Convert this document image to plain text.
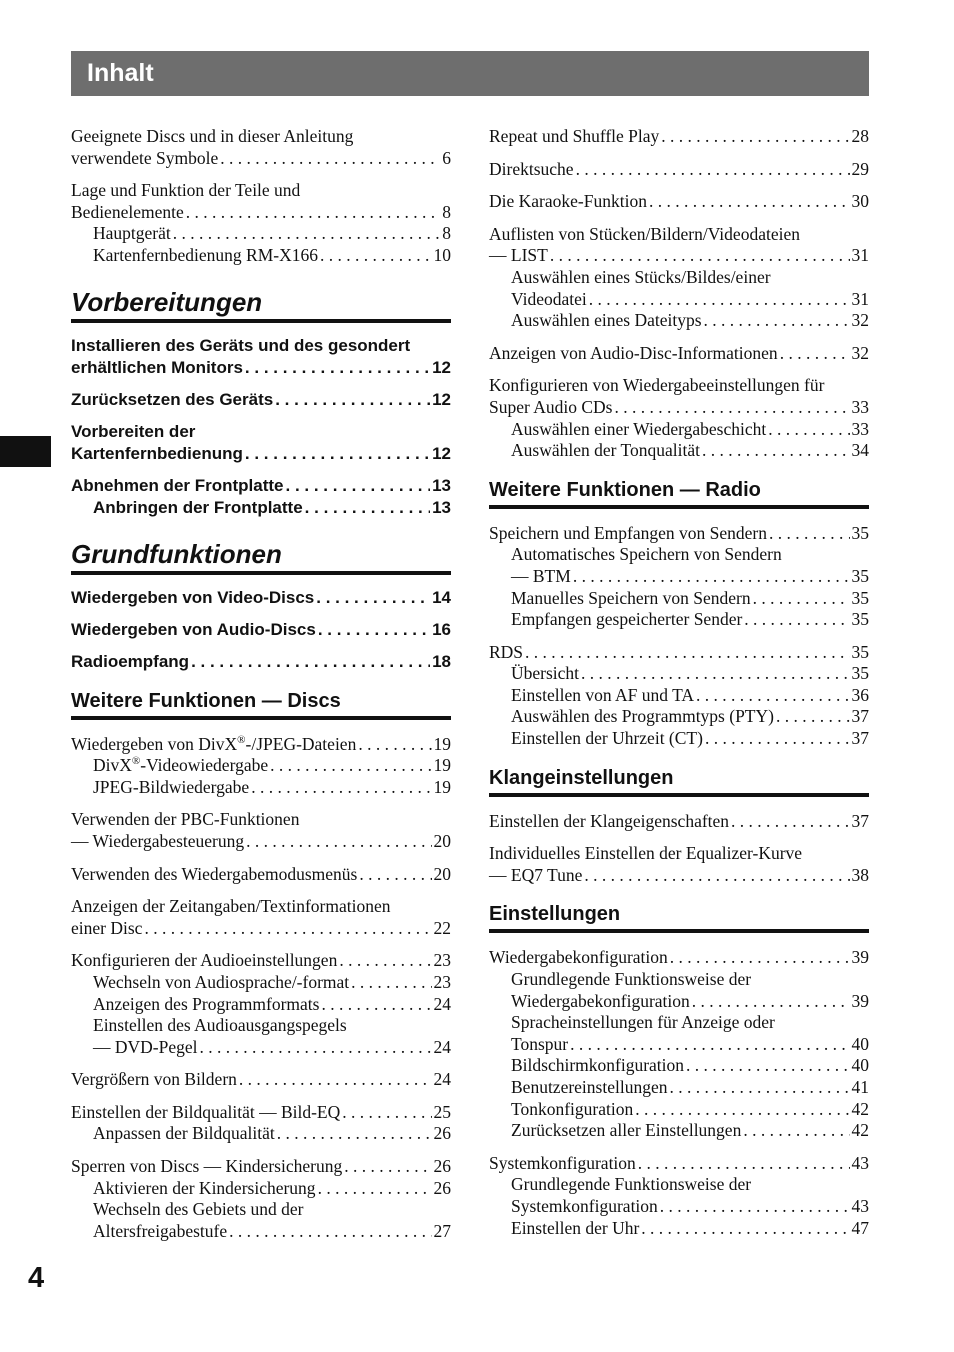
Inhalt
4
Geeignete Discs und in dieser Anleitung
verwendete Symbole . . .	6
Lage und Funktion der Teile und
Bedienelemente . . .	8
Hauptgerät . . .	8
Kartenfernbedienung RM-X166 . . .	10
Vorbereitungen
Installieren des Geräts und des gesondert
erhältlichen Monitors . . .	12
Zurücksetzen des Geräts . . .	12
Vorbereiten der
Kartenfernbedienung . . .	12
Abnehmen der Frontplatte . . .	13
Anbringen der Frontplatte . . .	13
Grundfunktionen
Wiedergeben von Video-Discs . . .	14
Wiedergeben von Audio-Discs . . .	16
Radioempfang . . .	18
Weitere Funktionen — Discs
Wiedergeben von DivX®-/JPEG-Dateien . . .	19
DivX®-Videowiedergabe . . .	19
JPEG-Bildwiedergabe . . .	19
Verwenden der PBC-Funktionen
— Wiedergabesteuerung . . .	20
Verwenden des Wiedergabemodusmenüs . . .	20
Anzeigen der Zeitangaben/Textinformationen
einer Disc . . .	22
Konfigurieren der Audioeinstellungen . . .	23
Wechseln von Audiosprache/-format . . .	23
Anzeigen des Programmformats . . .	24
Einstellen des Audioausgangspegels
— DVD-Pegel . . .	24
Vergrößern von Bildern . . .	24
Einstellen der Bildqualität — Bild-EQ . . .	25
Anpassen der Bildqualität . . .	26
Sperren von Discs — Kindersicherung . . .	26
Aktivieren der Kindersicherung . . .	26
Wechseln des Gebiets und der
Altersfreigabestufe . . .	27
Repeat und Shuffle Play . . .	28
Direktsuche . . .	29
Die Karaoke-Funktion . . .	30
Auflisten von Stücken/Bildern/Videodateien
— LIST . . .	31
Auswählen eines Stücks/Bildes/einer
Videodatei . . .	31
Auswählen eines Dateityps . . .	32
Anzeigen von Audio-Disc-Informationen . . .	32
Konfigurieren von Wiedergabeeinstellungen für
Super Audio CDs . . .	33
Auswählen einer Wiedergabeschicht . . .	33
Auswählen der Tonqualität . . .	34
Weitere Funktionen — Radio
Speichern und Empfangen von Sendern . . .	35
Automatisches Speichern von Sendern
— BTM . . .	35
Manuelles Speichern von Sendern . . .	35
Empfangen gespeicherter Sender . . .	35
RDS . . .	35
Übersicht . . .	35
Einstellen von AF und TA . . .	36
Auswählen des Programmtyps (PTY) . . .	37
Einstellen der Uhrzeit (CT) . . .	37
Klangeinstellungen
Einstellen der Klangeigenschaften . . .	37
Individuelles Einstellen der Equalizer-Kurve
— EQ7 Tune . . .	38
Einstellungen
Wiedergabekonfiguration . . .	39
Grundlegende Funktionsweise der
Wiedergabekonfiguration . . .	39
Spracheinstellungen für Anzeige oder
Tonspur . . .	40
Bildschirmkonfiguration . . .	40
Benutzereinstellungen . . .	41
Tonkonfiguration . . .	42
Zurücksetzen aller Einstellungen . . .	42
Systemkonfiguration . . .	43
Grundlegende Funktionsweise der
Systemkonfiguration . . .	43
Einstellen der Uhr . . .	47
